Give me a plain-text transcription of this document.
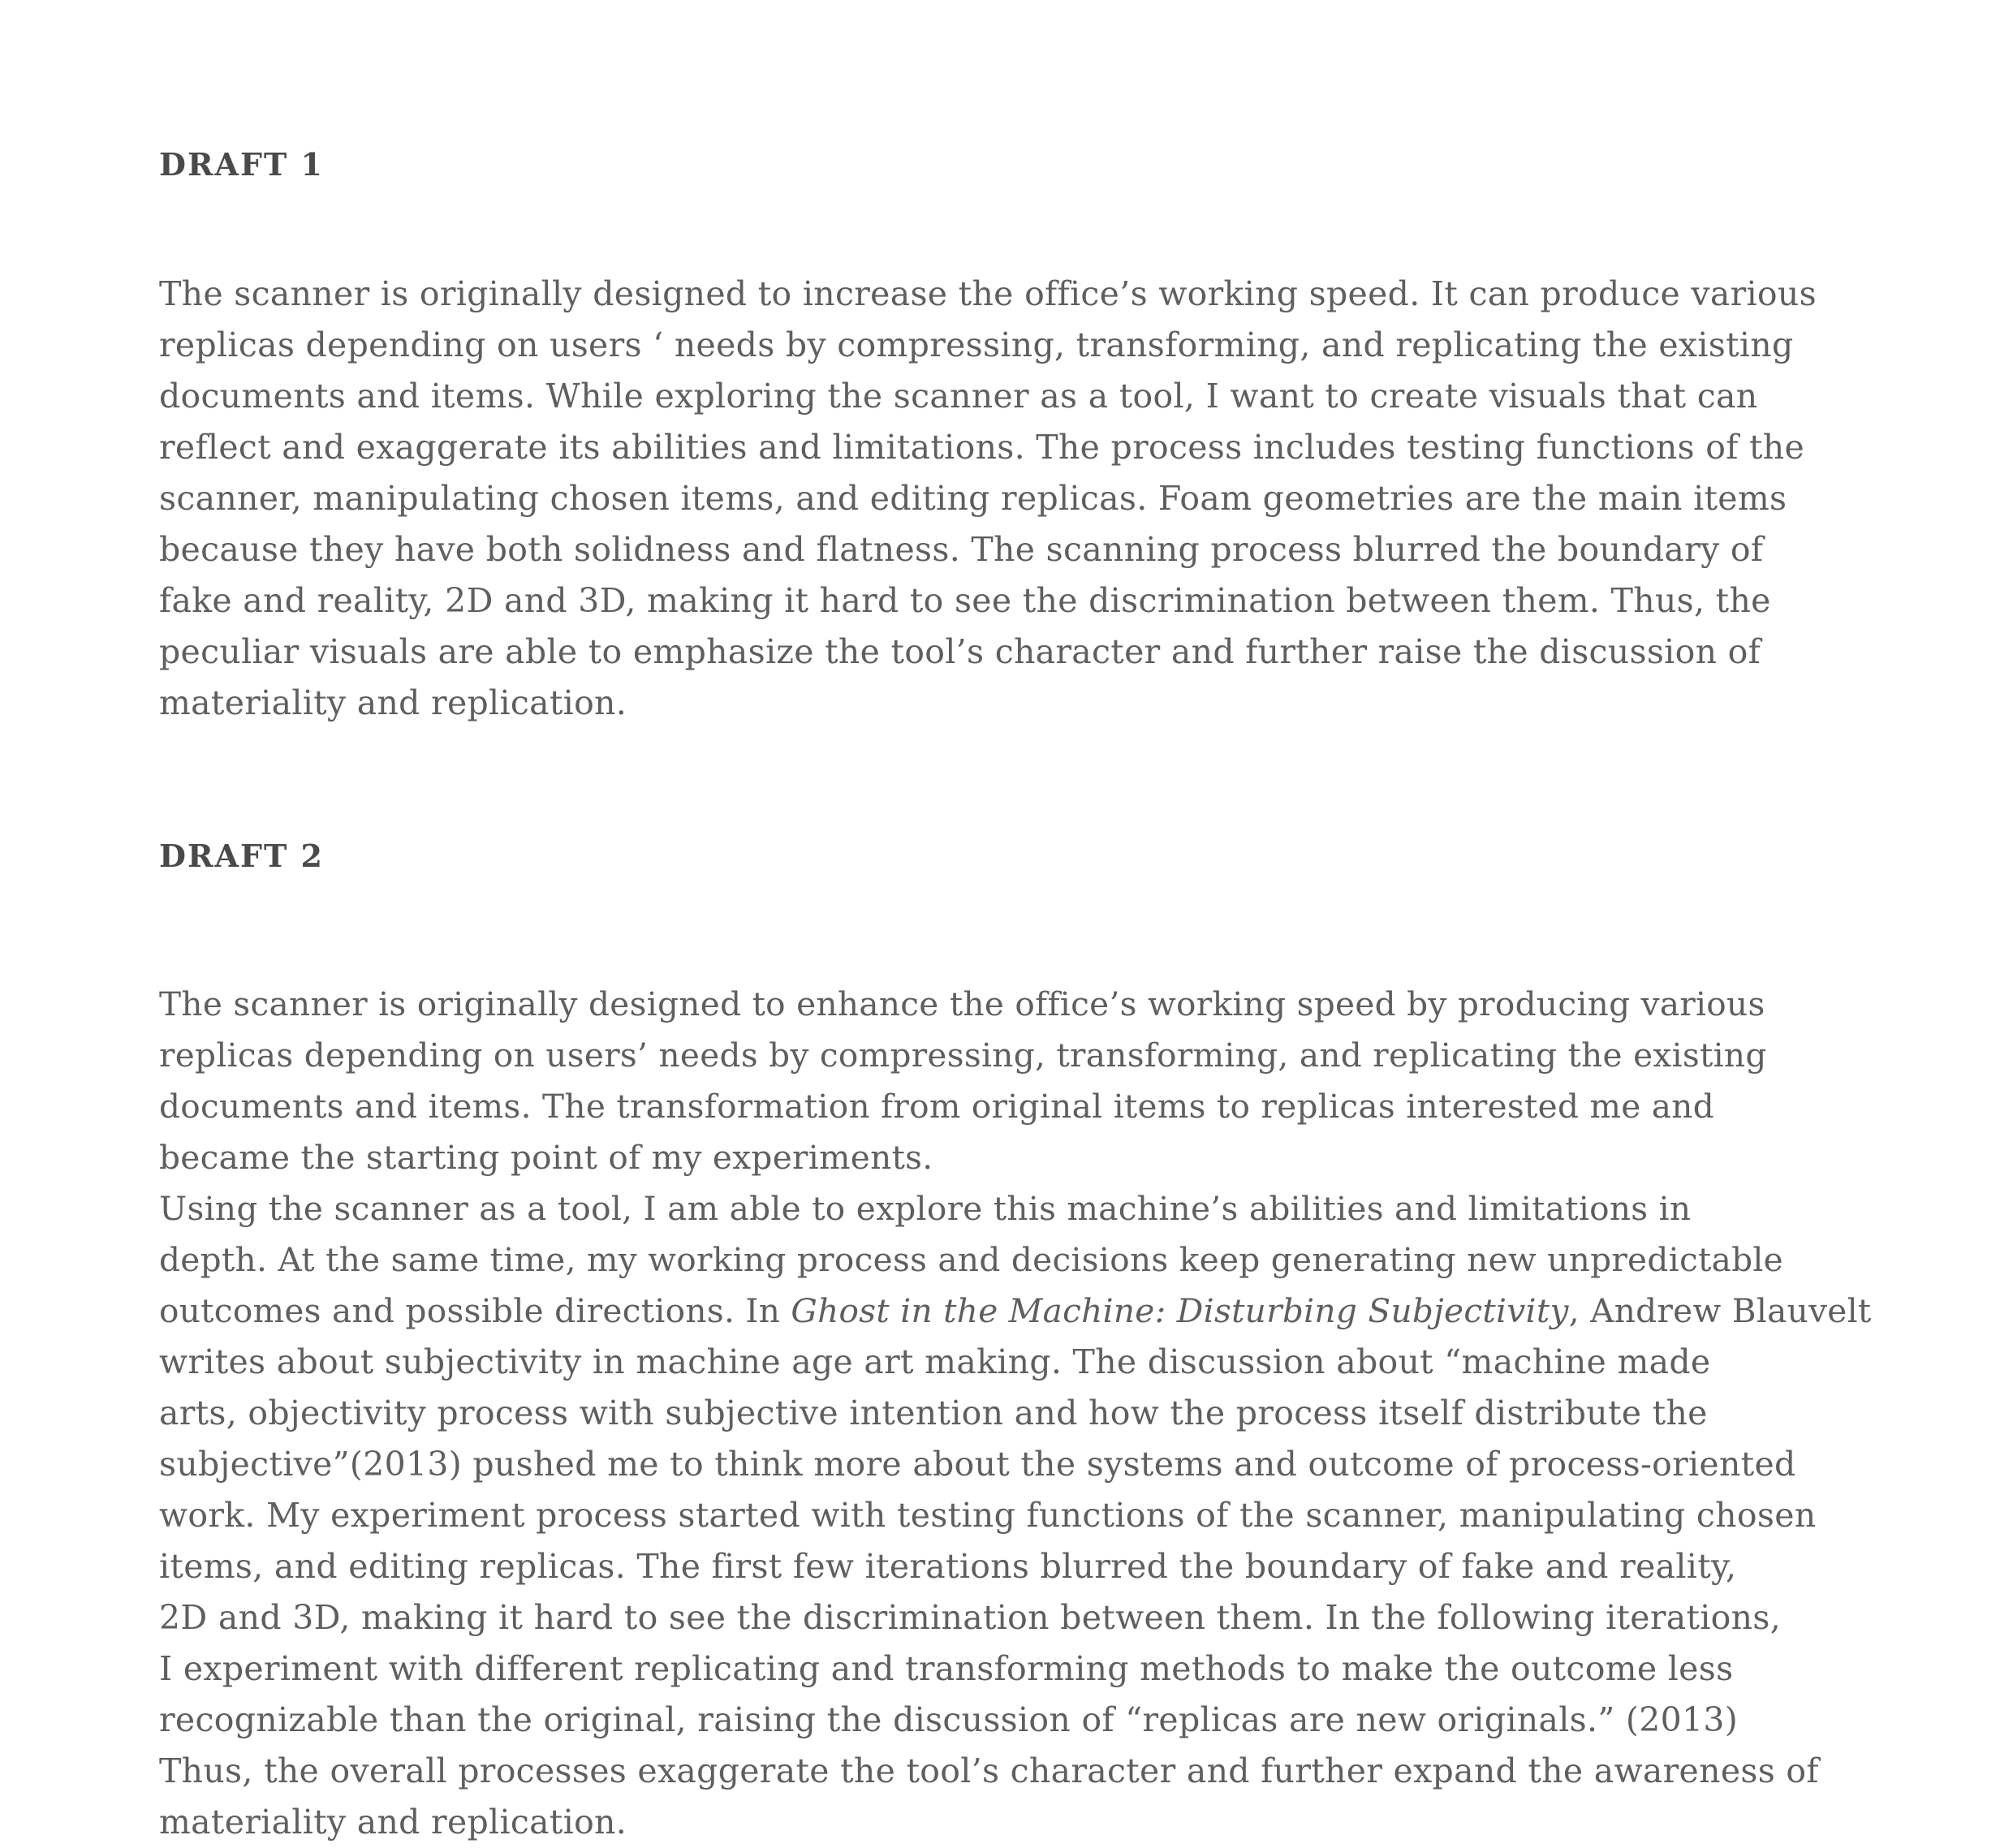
DRAFT 1

The scanner is originally designed to increase the office’s working speed. It can produce various
replicas depending on users ‘ needs by compressing, transforming, and replicating the existing
documents and items. While exploring the scanner as a tool, I want to create visuals that can
reflect and exaggerate its abilities and limitations. The process includes testing functions of the
scanner, manipulating chosen items, and editing replicas. Foam geometries are the main items
because they have both solidness and flatness. The scanning process blurred the boundary of
fake and reality, 2D and 3D, making it hard to see the discrimination between them. Thus, the
peculiar visuals are able to emphasize the tool’s character and further raise the discussion of
materiality and replication.

DRAFT 2

The scanner is originally designed to enhance the office’s working speed by producing various
replicas depending on users’ needs by compressing, transforming, and replicating the existing
documents and items. The transformation from original items to replicas interested me and
became the starting point of my experiments.
Using the scanner as a tool, I am able to explore this machine’s abilities and limitations in
depth. At the same time, my working process and decisions keep generating new unpredictable
outcomes and possible directions. In Ghost in the Machine: Disturbing Subjectivity, Andrew Blauvelt
writes about subjectivity in machine age art making. The discussion about “machine made
arts, objectivity process with subjective intention and how the process itself distribute the
subjective”(2013) pushed me to think more about the systems and outcome of process-oriented
work. My experiment process started with testing functions of the scanner, manipulating chosen
items, and editing replicas. The first few iterations blurred the boundary of fake and reality,
2D and 3D, making it hard to see the discrimination between them. In the following iterations,
I experiment with different replicating and transforming methods to make the outcome less
recognizable than the original, raising the discussion of “replicas are new originals.” (2013)
Thus, the overall processes exaggerate the tool’s character and further expand the awareness of
materiality and replication.
